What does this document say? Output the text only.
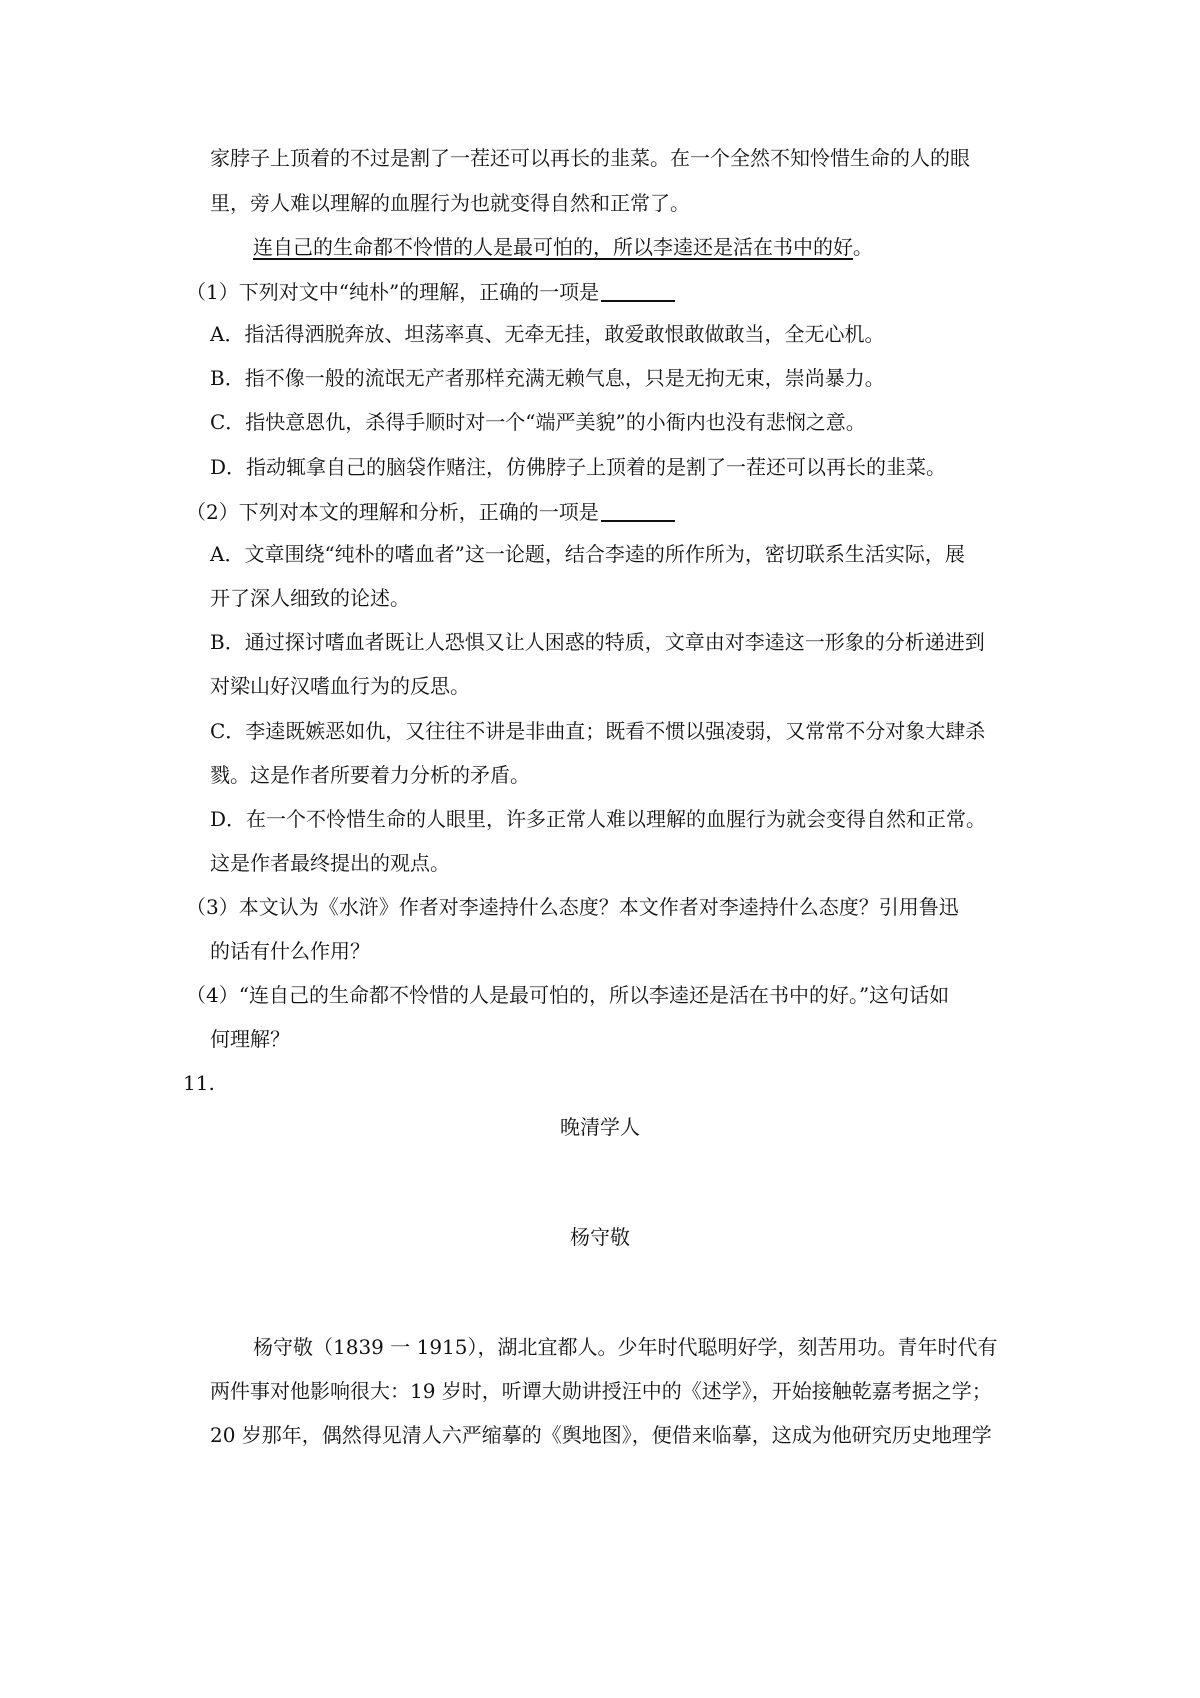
家脖子上顶着的不过是割了一茬还可以再长的韭菜。在一个全然不知怜惜生命的人的眼
里，旁人难以理解的血腥行为也就变得自然和正常了。
连自己的生命都不怜惜的人是最可怕的，所以李逵还是活在书中的好。
（1）下列对文中“纯朴”的理解，正确的一项是
A．指活得洒脱奔放、坦荡率真、无牵无挂，敢爱敢恨敢做敢当，全无心机。
B．指不像一般的流氓无产者那样充满无赖气息，只是无拘无束，崇尚暴力。
C．指快意恩仇，杀得手顺时对一个“端严美貌”的小衙内也没有悲悯之意。
D．指动辄拿自己的脑袋作赌注，仿佛脖子上顶着的是割了一茬还可以再长的韭菜。
（2）下列对本文的理解和分析，正确的一项是
A．文章围绕“纯朴的嗜血者”这一论题，结合李逵的所作所为，密切联系生活实际，展
开了深人细致的论述。
B．通过探讨嗜血者既让人恐惧又让人困惑的特质，文章由对李逵这一形象的分析递进到
对梁山好汉嗜血行为的反思。
C．李逵既嫉恶如仇，又往往不讲是非曲直；既看不惯以强凌弱，又常常不分对象大肆杀
戮。这是作者所要着力分析的矛盾。
D．在一个不怜惜生命的人眼里，许多正常人难以理解的血腥行为就会变得自然和正常。
这是作者最终提出的观点。
（3）本文认为《水浒》作者对李逵持什么态度？本文作者对李逵持什么态度？引用鲁迅
的话有什么作用？
（4）“连自己的生命都不怜惜的人是最可怕的，所以李逵还是活在书中的好。”这句话如
何理解？
11.
晚清学人
杨守敬
杨守敬（1839 一 1915），湖北宜都人。少年时代聪明好学，刻苦用功。青年时代有
两件事对他影响很大：19 岁时，听谭大勋讲授汪中的《述学》，开始接触乾嘉考据之学；
20 岁那年，偶然得见清人六严缩摹的《舆地图》，便借来临摹，这成为他研究历史地理学
